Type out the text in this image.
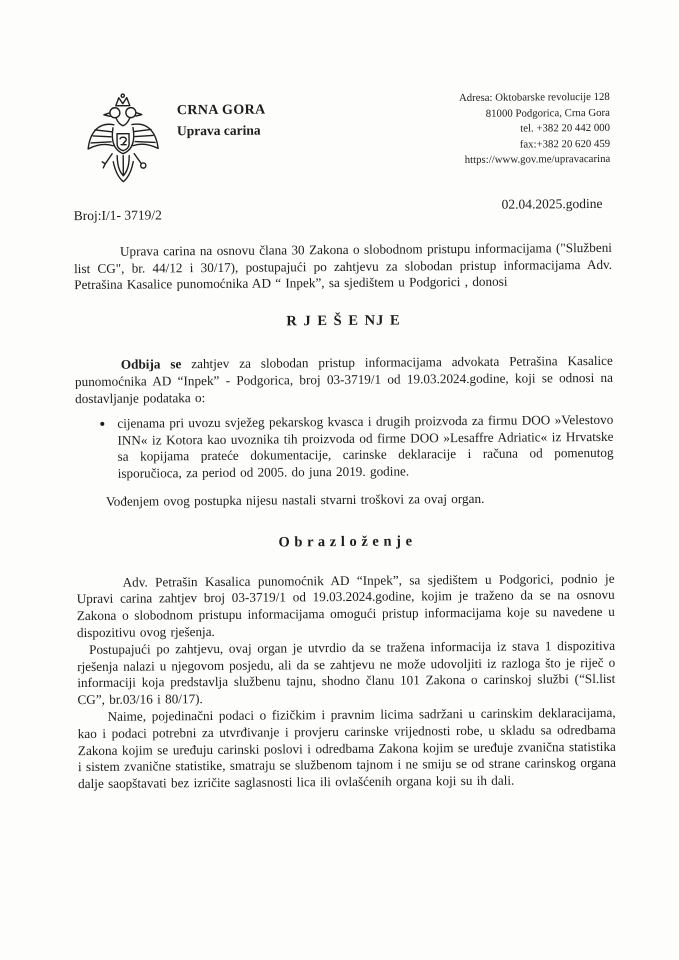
CRNA GORA
Uprava carina
Adresa: Oktobarske revolucije 128
81000 Podgorica, Crna Gora
tel. +382 20 442 000
fax:+382 20 620 459
https://www.gov.me/upravacarina
Broj:I/1- 3719/2
02.04.2025.godine

Uprava carina na osnovu člana 30 Zakona o slobodnom pristupu informacijama ("Službeni list CG", br. 44/12 i 30/17), postupajući po zahtjevu za slobodan pristup informacijama Adv. Petrašina Kasalice punomoćnika AD “ Inpek”, sa sjedištem u Podgorici , donosi

R J E Š E NJ E

Odbija se zahtjev za slobodan pristup informacijama advokata Petrašina Kasalice punomoćnika AD “Inpek” - Podgorica, broj 03-3719/1 od 19.03.2024.godine, koji se odnosi na dostavljanje podataka o:

• cijenama pri uvozu svježeg pekarskog kvasca i drugih proizvoda za firmu DOO »Velestovo INN« iz Kotora kao uvoznika tih proizvoda od firme DOO »Lesaffre Adriatic« iz Hrvatske sa kopijama prateće dokumentacije, carinske deklaracije i računa od pomenutog isporučioca, za period od 2005. do juna 2019. godine.

Vođenjem ovog postupka nijesu nastali stvarni troškovi za ovaj organ.

O b r a z l o ž e n j e

Adv. Petrašin Kasalica punomoćnik AD “Inpek”, sa sjedištem u Podgorici, podnio je Upravi carina zahtjev broj 03-3719/1 od 19.03.2024.godine, kojim je traženo da se na osnovu Zakona o slobodnom pristupu informacijama omogući pristup informacijama koje su navedene u dispozitivu ovog rješenja.

Postupajući po zahtjevu, ovaj organ je utvrdio da se tražena informacija iz stava 1 dispozitiva rješenja nalazi u njegovom posjedu, ali da se zahtjevu ne može udovoljiti iz razloga što je riječ o informaciji koja predstavlja službenu tajnu, shodno članu 101 Zakona o carinskoj službi (“Sl.list CG”, br.03/16 i 80/17).

Naime, pojedinačni podaci o fizičkim i pravnim licima sadržani u carinskim deklaracijama, kao i podaci potrebni za utvrđivanje i provjeru carinske vrijednosti robe, u skladu sa odredbama Zakona kojim se uređuju carinski poslovi i odredbama Zakona kojim se uređuje zvanična statistika i sistem zvanične statistike, smatraju se službenom tajnom i ne smiju se od strane carinskog organa dalje saopštavati bez izričite saglasnosti lica ili ovlašćenih organa koji su ih dali.
